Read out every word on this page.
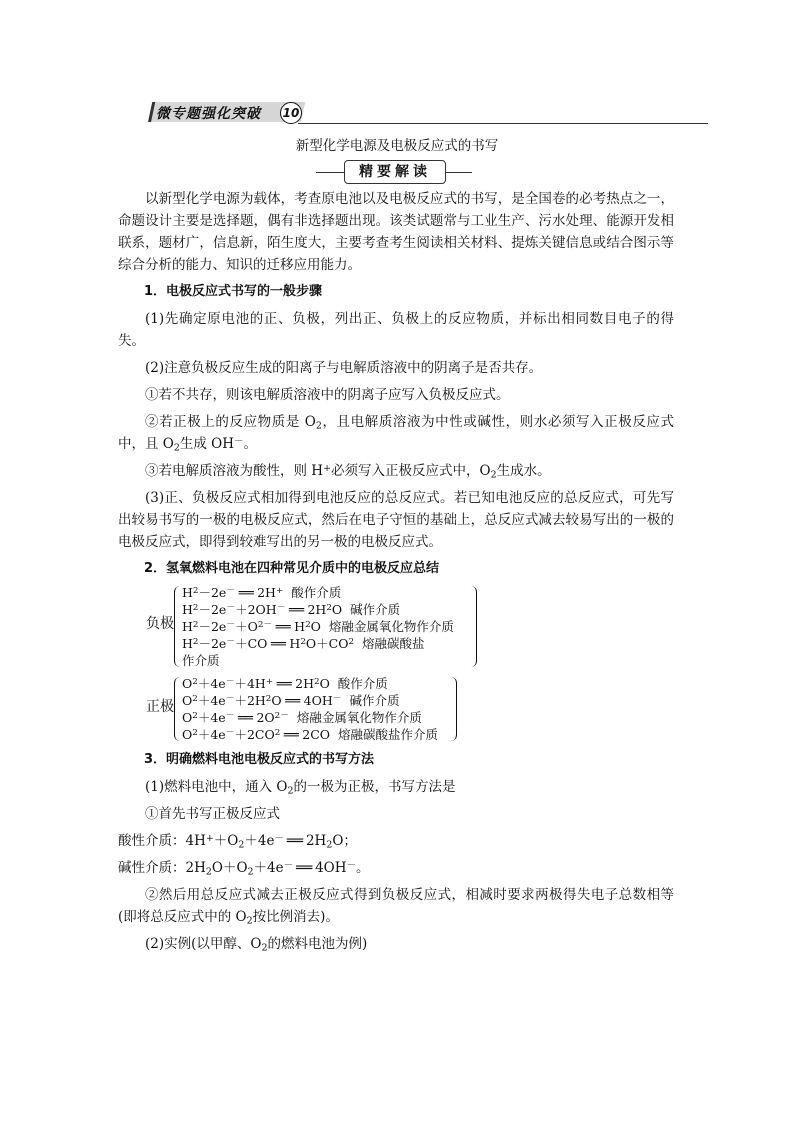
微专题强化突破 10
新型化学电源及电极反应式的书写
精要解读

以新型化学电源为载体，考查原电池以及电极反应式的书写，是全国卷的必考热点之一，命题设计主要是选择题，偶有非选择题出现。该类试题常与工业生产、污水处理、能源开发相联系，题材广，信息新，陌生度大，主要考查考生阅读相关材料、提炼关键信息或结合图示等综合分析的能力、知识的迁移应用能力。

1．电极反应式书写的一般步骤

(1)先确定原电池的正、负极，列出正、负极上的反应物质，并标出相同数目电子的得失。

(2)注意负极反应生成的阳离子与电解质溶液中的阴离子是否共存。

①若不共存，则该电解质溶液中的阴离子应写入负极反应式。

②若正极上的反应物质是 $O_2$，且电解质溶液为中性或碱性，则水必须写入正极反应式中，且 $O_2$生成 OH－。

③若电解质溶液为酸性，则 H+必须写入正极反应式中，$O_2$生成水。

(3)正、负极反应式相加得到电池反应的总反应式。若已知电池反应的总反应式，可先写出较易书写的一极的电极反应式，然后在电子守恒的基础上，总反应式减去较易写出的一极的电极反应式，即得到较难写出的另一极的电极反应式。

2．氢氧燃料电池在四种常见介质中的电极反应总结

负极
$H^2-2e^-$ ══ 2H+ 酸作介质
$H^2-2e^-+2OH^-$ ══ $2H^2O$ 碱作介质
$H^2-2e^-+O^{2-}$ ══ $H^2O$ 熔融金属氧化物作介质
$H^2-2e^-+CO$ ══ $H^2O+CO^2$ 熔融碳酸盐
作介质
正极
$O^2+4e^-+4H^+$ ══ $2H^2O$ 酸作介质
$O^2+4e^-+2H^2O$ ══ 4OH－ 碱作介质
$O^2+4e^-$ ══ $2O^{2-}$ 熔融金属氧化物作介质
$O^2+4e^-+2CO^2$ ══ 2CO 熔融碳酸盐作介质

3．明确燃料电池电极反应式的书写方法

(1)燃料电池中，通入 $O_2$的一极为正极，书写方法是

①首先书写正极反应式

酸性介质：$4H^++O_2+4e^-$ ══ $2H_2O$；

碱性介质：$2H_2O+O_2+4e^-$ ══ 4OH－。

②然后用总反应式减去正极反应式得到负极反应式，相减时要求两极得失电子总数相等(即将总反应式中的 $O_2$按比例消去)。

(2)实例(以甲醇、$O_2$的燃料电池为例)
